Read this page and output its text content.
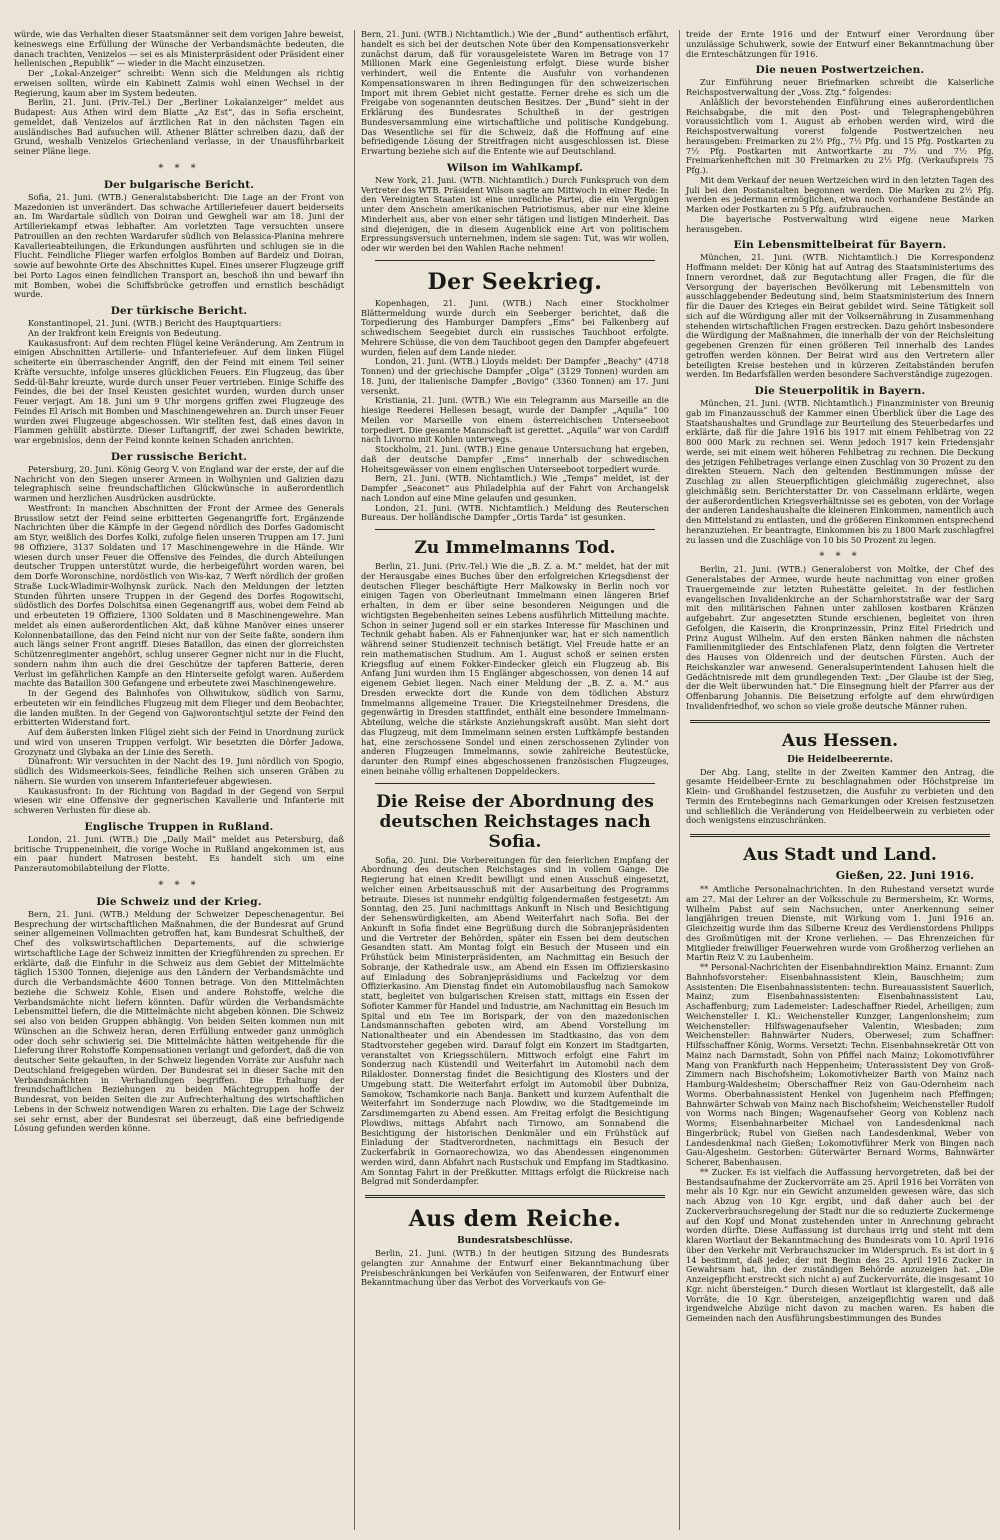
würde, wie das Verhalten dieser Staatsmänner seit dem vorigen Jahre beweist, keineswegs eine Erfüllung der Wünsche der Verbandsmächte bedeuten, die danach trachten, Venizelos — sei es als Ministerpräsident oder Präsident einer hellenischen „Republik“ — wieder in die Macht einzusetzen.

Der „Lokal-Anzeiger“ schreibt: Wenn sich die Meldungen als richtig erweisen sollten, würde ein Kabinett Zaimis wohl einen Wechsel in der Regierung, kaum aber im System bedeuten.

Berlin, 21. Juni. (Priv.-Tel.) Der „Berliner Lokalanzeiger“ meldet aus Budapest: Aus Athen wird dem Blatte „Az Est“, das in Sofia erscheint, gemeldet, daß Venizelos auf ärztlichen Rat in den nächsten Tagen ein ausländisches Bad aufsuchen will. Athener Blätter schreiben dazu, daß der Grund, weshalb Venizelos Griechenland verlasse, in der Unausführbarkeit seiner Pläne liege.

* * *
Der bulgarische Bericht.

Sofia, 21. Juni. (WTB.) Generalstabsbericht: Die Lage an der Front von Mazedonien ist unverändert. Das schwache Artilleriefeuer dauert beiderseits an. Im Wardartale südlich von Doiran und Gewgheli war am 18. Juni der Artilleriekampf etwas lebhafter. Am vorletzten Tage versuchten unsere Patrouillen an den rechten Wardarufer südlich von Belassica-Planina mehrere Kavallerieabteilungen, die Erkundungen ausführten und schlugen sie in die Flucht. Feindliche Flieger warfen erfolglos Bomben auf Bardeiz und Doiran, sowie auf bewohnte Orte des Abschnittes Kupel. Eines unserer Flugzeuge griff bei Porto Lagos einen feindlichen Transport an, beschoß ihn und bewarf ihn mit Bomben, wobei die Schiffsbrücke getroffen und ernstlich beschädigt wurde.

Der türkische Bericht.

Konstantinopel, 21. Juni. (WTB.) Bericht des Hauptquartiers:

An der Irakfront kein Ereignis von Bedeutung.

Kaukasusfront: Auf dem rechten Flügel keine Veränderung. Am Zentrum in einigen Abschnitten Artillerie- und Infanteriefeuer. Auf dem linken Flügel scheiterte ein überraschender Angriff, den der Feind mit einem Teil seiner Kräfte versuchte, infolge unseres glücklichen Feuers. Ein Flugzeug, das über Sedd-ül-Bahr kreuzte, wurde durch unser Feuer vertrieben. Einige Schiffe des Feindes, die bei der Insel Keusten gesichtet wurden, wurden durch unser Feuer verjagt. Am 18. Juni um 9 Uhr morgens griffen zwei Flugzeuge des Feindes El Arisch mit Bomben und Maschinengewehren an. Durch unser Feuer wurden zwei Flugzeuge abgeschossen. Wir stellten fest, daß eines davon in Flammen gehüllt abstürzte. Dieser Luftangriff, der zwei Schaden bewirkte, war ergebnislos, denn der Feind konnte keinen Schaden anrichten.

Der russische Bericht.

Petersburg, 20. Juni. König Georg V. von England war der erste, der auf die Nachricht von den Siegen unserer Armeen in Wolhynien und Galizien dazu telegraphisch seine freundschaftlichen Glückwünsche in außerordentlich warmen und herzlichen Ausdrücken ausdrückte.

Westfront: In manchen Abschnitten der Front der Armee des Generals Brussilow setzt der Feind seine erbitterten Gegenangriffe fort. Ergänzende Nachrichten über die Kämpfe in der Gegend nördlich des Dorfes Gadomischt am Styr, weißlich des Dorfes Kolki, zufolge fielen unseren Truppen am 17. Juni 98 Offiziere, 3137 Soldaten und 17 Maschinengewehre in die Hände. Wir wiesen durch unser Feuer die Offensive des Feindes, die durch Abteilungen deutscher Truppen unterstützt wurde, die herbeigeführt worden waren, bei dem Dorfe Woronschine, nordöstlich von Wis-kaz, 7 Werft nördlich der großen Straße Luck-Wladimir-Wolhynsk zurück. Nach den Meldungen der letzten Stunden führten unsere Truppen in der Gegend des Dorfes Rogowitschi, südöstlich des Dorfes Dolschitsa einen Gegenangriff aus, wobei dem Feind ab und erbeuteten 19 Offiziere, 1300 Soldaten und 8 Maschinengewehre. Man meldet als einen außerordentlichen Akt, daß kühne Manöver eines unserer Kolonnenbataillone, das den Feind nicht nur von der Seite faßte, sondern ihm auch längs seiner Front angriff. Dieses Bataillon, das einen der glorreichsten Schützenregimenter angehört, schlug unserer Gegner nicht nur in die Flucht, sondern nahm ihm auch die drei Geschütze der tapferen Batterie, deren Verlust im gefährlichen Kampfe an den Hinterseite gefolgt waren. Außerdem machte das Bataillon 300 Gefangene und erbeutete zwei Maschinengewehre.

In der Gegend des Bahnhofes von Olhwitukow, südlich von Sarnu, erbeuteten wir ein feindliches Flugzeug mit dem Flieger und dem Beobachter, die landen mußten. In der Gegend von Gajworontschtjul setzte der Feind den erbitterten Widerstand fort.

Auf dem äußersten linken Flügel zieht sich der Feind in Unordnung zurück und wird von unseren Truppen verfolgt. Wir besetzten die Dörfer Jadowa, Grozynatz und Glybaka an der Linie des Sereth.

Dünafront: Wir versuchten in der Nacht des 19. Juni nördlich von Spogio, südlich des Widsmeerkois-Sees, feindliche Reihen sich unseren Gräben zu nähern. Sie wurden von unserem Infanteriefeuer abgewiesen.

Kaukasusfront: In der Richtung von Bagdad in der Gegend von Serpul wiesen wir eine Offensive der gegnerischen Kavallerie und Infanterie mit schweren Verlusten für diese ab.

Englische Truppen in Rußland.

London, 21. Juni. (WTB.) Die „Daily Mail“ meldet aus Petersburg, daß britische Truppeneinheit, die vorige Woche in Rußland angekommen ist, aus ein paar hundert Matrosen besteht. Es handelt sich um eine Panzerautomobilabteilung der Flotte.

* * *
Die Schweiz und der Krieg.

Bern, 21. Juni. (WTB.) Meldung der Schweizer Depeschenagentur. Bei Besprechung der wirtschaftlichen Maßnahmen, die der Bundesrat auf Grund seiner allgemeinen Vollmachten getroffen hat, kam Bundesrat Schultheß, der Chef des volkswirtschaftlichen Departements, auf die schwierige wirtschaftliche Lage der Schweiz inmitten der Kriegführenden zu sprechen. Er erklärte, daß die Einfuhr in die Schweiz aus dem Gebiet der Mittelmächte täglich 15300 Tonnen, diejenige aus den Ländern der Verbandsmächte und durch die Verbandsmächte 4600 Tonnen betrage. Von den Mittelmächten beziehe die Schweiz Kohle, Eisen und andere Rohstoffe, welche die Verbandsmächte nicht liefern könnten. Dafür würden die Verbandsmächte Lebensmittel liefern, die die Mittelmächte nicht abgeben können. Die Schweiz sei also von beiden Gruppen abhängig. Von beiden Seiten kommen nun mit Wünschen an die Schweiz heran, deren Erfüllung entweder ganz unmöglich oder doch sehr schwierig sei. Die Mittelmächte hätten weitgehende für die Lieferung ihrer Rohstoffe Kompensationen verlangt und gefordert, daß die von deutscher Seite gekauften, in der Schweiz liegenden Vorräte zur Ausfuhr nach Deutschland freigegeben würden. Der Bundesrat sei in dieser Sache mit den Verbandsmächten in Verhandlungen begriffen. Die Erhaltung der freundschaftlichen Beziehungen zu beiden Mächtegruppen hoffe der Bundesrat, von beiden Seiten die zur Aufrechterhaltung des wirtschaftlichen Lebens in der Schweiz notwendigen Waren zu erhalten. Die Lage der Schweiz sei sehr ernst, aber der Bundesrat sei überzeugt, daß eine befriedigende Lösung gefunden werden könne.

Bern, 21. Juni. (WTB.) Nichtamtlich.) Wie der „Bund“ authentisch erfährt, handelt es sich bei der deutschen Note über den Kompensationsverkehr zunächst darum, daß für vorausgeleistete Waren im Betrage von 17 Millionen Mark eine Gegenleistung erfolgt. Diese wurde bisher verhindert, weil die Entente die Ausfuhr von vorhandenen Kompensationswaren in ihren Bedingungen für den schweizerischen Import mit ihrem Gebiet nicht gestatte. Ferner drehe es sich um die Freigabe von sogenannten deutschen Besitzes. Der „Bund“ sieht in der Erklärung des Bundesrates Schultheß in der gestrigen Bundesversammlung eine wirtschaftliche und politische Kundgebung. Das Wesentliche sei für die Schweiz, daß die Hoffnung auf eine befriedigende Lösung der Streitfragen nicht ausgeschlossen ist. Diese Erwartung beziehe sich auf die Entente wie auf Deutschland.

Wilson im Wahlkampf.

New York, 21. Juni. (WTB. Nichtamtlich.) Durch Funkspruch von dem Vertreter des WTB. Präsident Wilson sagte am Mittwoch in einer Rede: In den Vereinigten Staaten ist eine unredliche Partei, die ein Vergnügen unter dem Anschein amerikanischen Patriotismus, aber nur eine kleine Minderheit aus, aber von einer sehr tätigen und listigen Minderheit. Das sind diejenigen, die in diesem Augenblick eine Art von politischem Erpressungsversuch unternehmen, indem sie sagen: Tut, was wir wollen, oder wir werden bei den Wahlen Rache nehmen!

Der Seekrieg.

Kopenhagen, 21. Juni. (WTB.) Nach einer Stockholmer Blättermeldung wurde durch ein Seeberger berichtet, daß die Torpedierung des Hamburger Dampfers „Ems“ bei Falkenberg auf schwedischem Seegebiet durch ein russisches Tauchboot erfolgte. Mehrere Schüsse, die von dem Tauchboot gegen den Dampfer abgefeuert wurden, fielen auf dem Lande nieder.

London, 21. Juni. (WTB.) Lloyds meldet: Der Dampfer „Beachy“ (4718 Tonnen) und der griechische Dampfer „Olga“ (3129 Tonnen) wurden am 18. Juni, der italienische Dampfer „Bovigo“ (3360 Tonnen) am 17. Juni versenkt.

Kristiania, 21. Juni. (WTB.) Wie ein Telegramm aus Marseille an die hiesige Reederei Hellesen besagt, wurde der Dampfer „Aquila“ 100 Meilen vor Marseille von einem österreichischen Unterseeboot torpediert. Die gesamte Mannschaft ist gerettet. „Aquila“ war von Cardiff nach Livorno mit Kohlen unterwegs.

Stockholm, 21. Juni. (WTB.) Eine genaue Untersuchung hat ergeben, daß der deutsche Dampfer „Ems“ innerhalb der schwedischen Hoheitsgewässer von einem englischen Unterseeboot torpediert wurde.

Bern, 21. Juni. (WTB. Nichtamtlich.) Wie „Temps“ meldet, ist der Dampfer „Seaconet“ aus Philadelphia auf der Fahrt von Archangelsk nach London auf eine Mine gelaufen und gesunken.

London, 21. Juni. (WTB. Nichtamtlich.) Meldung des Reuterschen Bureaus. Der holländische Dampfer „Ortis Tarda“ ist gesunken.

Zu Immelmanns Tod.

Berlin, 21. Juni. (Priv.-Tel.) Wie die „B. Z. a. M.“ meldet, hat der mit der Herausgabe eines Buches über den erfolgreichen Kriegsdienst der deutschen Flieger beschäftigte Herr Malkowsky in Berlin noch vor einigen Tagen von Oberleutnant Immelmann einen längeren Brief erhalten, in dem er über seine besonderen Neigungen und die wichtigsten Begebenheiten seines Lebens ausführlich Mitteilung machte. Schon in seiner Jugend soll er ein starkes Interesse für Maschinen und Technik gehabt haben. Als er Fahnenjunker war, hat er sich namentlich während seiner Studienzeit technisch betätigt. Viel Freude hatte er an rein mathematischen Studium. Am 1. August schoß er seinen ersten Kriegsflug auf einem Fokker-Eindecker gleich ein Flugzeug ab. Bis Anfang Juni wurden ihm 15 Englänger abgeschossen, von denen 14 auf eigenem Gebiet liegen. Nach einer Meldung der „B. Z. a. M.“ aus Dresden erweckte dort die Kunde von dem tödlichen Absturz Immelmanns allgemeine Trauer. Die Kriegsteilnehmer Dresdens, die gegenwärtig in Dresden stattfindet, enthält eine besondere Immelmann-Abteilung, welche die stärkste Anziehungskraft ausübt. Man sieht dort das Flugzeug, mit dem Immelmann seinen ersten Luftkämpfe bestanden hat, eine zerschossene Sondel und einen zerschossenen Zylinder von anderen Flugzeugen Immelmanns, sowie zahlreiche Beutestücke, darunter den Rumpf eines abgeschossenen französischen Flugzeuges, einen beinahe völlig erhaltenen Doppeldeckers.

Die Reise der Abordnung des deutschen Reichstages nach Sofia.

Sofia, 20. Juni. Die Vorbereitungen für den feierlichen Empfang der Abordnung des deutschen Reichstages sind in vollem Gange. Die Regierung hat einen Kredit bewilligt und einen Ausschuß eingesetzt, welcher einen Arbeitsausschuß mit der Ausarbeitung des Programms betraute. Dieses ist nunmehr endgültig folgendermaßen festgesetzt: Am Sonntag, den 25. Juni nachmittags Ankunft in Nisch und Besichtigung der Sehenswürdigkeiten, am Abend Weiterfahrt nach Sofia. Bei der Ankunft in Sofia findet eine Begrüßung durch die Sobranjepräsidenten und die Vertreter der Behörden, später ein Essen bei dem deutschen Gesandten statt. Am Montag folgt ein Besuch der Museen und ein Frühstück beim Ministerpräsidenten, am Nachmittag ein Besuch der Sobranje, der Kathedrale usw., am Abend ein Essen im Offizierskasino auf Einladung des Sobranjepräsidiums und Fackelzug vor dem Offizierkasino. Am Dienstag findet ein Automobilausflug nach Samokow statt, begleitet von bulgarischen Kreisen statt, mittags ein Essen der Sofioter Kammer für Handel und Industrie, am Nachmittag ein Besuch im Spital und ein Tee im Borispark, der von den mazedonischen Landsmannschaften geboten wird, am Abend Vorstellung im Nationaltheater und ein Abendessen im Stadtkasino, das von dem Stadtvorsteher gegeben wird. Darauf folgt ein Konzert im Stadtgarten, veranstaltet von Kriegsschülern. Mittwoch erfolgt eine Fahrt im Sonderzug nach Küstendil und Weiterfahrt im Automobil nach dem Rilakloster. Donnerstag findet die Besichtigung des Klosters und der Umgebung statt. Die Weiterfahrt erfolgt im Automobil über Dubniza, Samokow, Tschamkorie nach Banja. Bankett und kurzem Aufenthalt die Weiterfahrt im Sonderzuge nach Plowdiw, wo die Stadtgemeinde im Zarsdimemgarten zu Abend essen. Am Freitag erfolgt die Besichtigung Plowdiws, mittags Abfahrt nach Tirnowo, am Sonnabend die Besichtigung der historischen Denkmäler und ein Frühstück auf Einladung der Stadtverordneten, nachmittags ein Besuch der Zuckerfabrik in Gornaorechowiza, wo das Abendessen eingenommen werden wird, dann Abfahrt nach Rustschuk und Empfang im Stadtkasino. Am Sonntag Fahrt in der Preßkutter. Mittags erfolgt die Rückreise nach Belgrad mit Sonderdampfer.

Aus dem Reiche.
Bundesratsbeschlüsse.

Berlin, 21. Juni. (WTB.) In der heutigen Sitzung des Bundesrats gelangten zur Annahme der Entwurf einer Bekanntmachung über Preisbeschränkungen bei Verkäufen von Seifenwaren, der Entwurf einer Bekanntmachung über das Verbot des Vorverkaufs von Ge-

treide der Ernte 1916 und der Entwurf einer Verordnung über unzulässige Schuhwerk, sowie der Entwurf einer Bekanntmachung über die Ernteschätzungen für 1916.

Die neuen Postwertzeichen.

Zur Einführung neuer Briefmarken schreibt die Kaiserliche Reichspostverwaltung der „Voss. Ztg.“ folgendes:

Anläßlich der bevorstehenden Einführung eines außerordentlichen Reichsabgabe, die mit den Post- und Telegraphengebühren voraussichtlich vom 1. August ab erhoben werden wird, wird die Reichspostverwaltung vorerst folgende Postwertzeichen neu herausgeben: Freimarken zu 2½ Pfg., 7½ Pfg. und 15 Pfg. Postkarten zu 7½ Pfg. Postkarten mit Antwortkarte zu 7½ und 7½ Pfg. Freimarkenheftchen mit 30 Freimarken zu 2½ Pfg. (Verkaufspreis 75 Pfg.).

Mit dem Verkauf der neuen Wertzeichen wird in den letzten Tagen des Juli bei den Postanstalten begonnen werden. Die Marken zu 2½ Pfg. werden es jedermann ermöglichen, etwa noch vorhandene Bestände an Marken oder Postkarten zu 5 Pfg. aufzubrauchen.

Die bayerische Postverwaltung wird eigene neue Marken herausgeben.

Ein Lebensmittelbeirat für Bayern.

München, 21. Juni. (WTB. Nichtamtlich.) Die Korrespondenz Hoffmann meldet: Der König hat auf Antrag des Staatsministeriums des Innern verordnet, daß zur Begutachtung aller Fragen, die für die Versorgung der bayerischen Bevölkerung mit Lebensmitteln von ausschlaggebender Bedeutung sind, beim Staatsministerium des Innern für die Dauer des Krieges ein Beirat gebildet wird. Seine Tätigkeit soll sich auf die Würdigung aller mit der Volksernährung in Zusammenhang stehenden wirtschaftlichen Fragen erstrecken. Dazu gehört insbesondere die Würdigung der Maßnahmen, die innerhalb der von der Reichsleitung gegebenen Grenzen für einen größeren Teil innerhalb des Landes getroffen werden können. Der Beirat wird aus den Vertretern aller beteiligten Kreise bestehen und in kürzeren Zeitabständen berufen werden. Im Bedarfsfällen werden besondere Sachverständige zugezogen.

Die Steuerpolitik in Bayern.

München, 21. Juni. (WTB. Nichtamtlich.) Finanzminister von Breunig gab im Finanzausschuß der Kammer einen Überblick über die Lage des Staatshaushaltes und Grundlage zur Beurteilung des Steuerbedarfes und erklärte, daß für die Jahre 1916 bis 1917 mit einem Fehlbetrag von 22 800 000 Mark zu rechnen sei. Wenn jedoch 1917 kein Friedensjahr werde, sei mit einem weit höheren Fehlbetrag zu rechnen. Die Deckung des jetzigen Fehlbetrages verlange einen Zuschlag von 30 Prozent zu den direkten Steuern. Nach den geltenden Bestimmungen müsse der Zuschlag zu allen Steuerpflichtigen gleichmäßig zugerechnet, also gleichmäßig sein. Berichterstatter Dr. von Casselmann erklärte, wegen der außerordentlichen Kriegsverhältnisse sei es geboten, von der Vorlage der anderen Landeshaushalte die kleineren Einkommen, namentlich auch den Mittelstand zu entlasten, und die größeren Einkommen entsprechend heranzuziehen. Er beantragte, Einkommen bis zu 1800 Mark zuschlagfrei zu lassen und die Zuschläge von 10 bis 50 Prozent zu legen.

* * *

Berlin, 21. Juni. (WTB.) Generaloberst von Moltke, der Chef des Generalstabes der Armee, wurde heute nachmittag von einer großen Trauergemeinde zur letzten Ruhestätte geleitet. In der festlichen evangelischen Invalidenkirche an der Scharnhorststraße war der Sarg mit den militärischen Fahnen unter zahllosen kostbaren Kränzen aufgebahrt. Zur angesetzten Stunde erschienen, begleitet von ihren Gefolgen, die Kaiserin, die Kronprinzessin, Prinz Eitel Friedrich und Prinz August Wilhelm. Auf den ersten Bänken nahmen die nächsten Familienmitglieder des Entschlafenen Platz, denn folgten die Vertreter des Hauses von Oldenreich und der deutschen Fürsten. Auch der Reichskanzler war anwesend. Generalsuperintendent Lahusen hielt die Gedächtnisrede mit dem grundlegenden Text: „Der Glaube ist der Sieg, der die Welt überwunden hat.“ Die Einsegnung hielt der Pfarrer aus der Offenbarung Johannis. Die Beisetzung erfolgte auf dem ehrwürdigen Invalidenfriedhof, wo schon so viele große deutsche Männer ruhen.

Aus Hessen.
Die Heidelbeerernte.

Der Abg. Lang, stellte in der Zweiten Kammer den Antrag, die gesamte Heidelbeer-Ernte zu beschlagnahmen oder Höchstpreise im Klein- und Großhandel festzusetzen, die Ausfuhr zu verbieten und den Termin des Erntebeginns nach Gemarkungen oder Kreisen festzusetzen und schließlich die Veränderung von Heidelbeerwein zu verbieten oder doch wenigstens einzuschränken.

Aus Stadt und Land.
Gießen, 22. Juni 1916.

** Amtliche Personalnachrichten. In den Ruhestand versetzt wurde am 27. Mai der Lehrer an der Volksschule zu Bermersheim, Kr. Worms, Wilhelm Pabst auf sein Nachsuchen, unter Anerkennung seiner langjährigen treuen Dienste, mit Wirkung vom 1. Juni 1916 an. Gleichzeitig wurde ihm das Silberne Kreuz des Verdienstordens Philipps des Großmütigen mit der Krone verliehen. — Das Ehrenzeichen für Mitglieder freiwilliger Feuerwehren wurde vom Großherzog verliehen an Martin Reiz V. zu Laubenheim.

** Personal-Nachrichten der Eisenbahndirektion Mainz. Ernannt: Zum Bahnhofsvorsteher: Eisenbahnassistent Klein, Bauschheim; zum Assistenten: Die Eisenbahnassistenten: techn. Bureauassistent Sauerlich, Mainz; zum Eisenbahnassistenten: Eisenbahnassistent Lau, Aschaffenburg; zum Lademeister: Ladeschaffner Riedel, Arheiligen; zum Weichensteller I. Kl.: Weichensteller Kunzger, Langenlonsheim; zum Weichensteller: Hilfswagenaufseher Valentin, Wiesbaden; zum Weichensteller: Bahnwärter Nuders, Oberwesel; zum Schaffner: Hilfsschaffner König, Worms. Versetzt: Techn. Eisenbahnsekretär Ott von Mainz nach Darmstadt, Sohn von Pfiffel nach Mainz; Lokomotivführer Mang von Frankfurth nach Heppenheim; Unterassistent Dey von Groß-Zimmern nach Bischofsheim; Lokomotivheizer Barth von Mainz nach Hamburg-Waldesheim; Oberschaffner Reiz von Gau-Odernheim nach Worms. Oberbahnassistent Henkel von Jugenheim nach Pfeffingen; Bahnwärter Schwab von Mainz nach Bischofsheim; Weichensteller Rudolf von Worms nach Bingen; Wagenaufseher Georg von Koblenz nach Worms; Eisenbahnarbeiter Michael von Landesdenkmal nach Bingerbrück; Rubel von Gießen nach Landesdenkmal, Weber von Landesdenkmal nach Gießen; Lokomotivführer Merk von Bingen nach Gau-Algesheim. Gestorben: Güterwärter Bernard Worms, Bahnwärter Scherer, Babenhausen.

** Zucker. Es ist vielfach die Auffassung hervorgetreten, daß bei der Bestandsaufnahme der Zuckervorräte am 25. April 1916 bei Vorräten von mehr als 10 Kgr. nur ein Gewicht anzumelden gewesen wäre, das sich nach Abzug von 10 Kgr. ergibt, und daß daher auch bei der Zuckerverbrauchsregelung der Stadt nur die so reduzierte Zuckermenge auf den Kopf und Monat zustehenden unter in Anrechnung gebracht worden dürfte. Diese Auffassung ist durchaus irrig und steht mit dem klaren Wortlaut der Bekanntmachung des Bundesrats vom 10. April 1916 über den Verkehr mit Verbrauchszucker im Widerspruch. Es ist dort in § 14 bestimmt, daß jeder, der mit Beginn des 25. April 1916 Zucker in Gewahrsam hat, ihn der zuständigen Behörde anzuzeigen hat. „Die Anzeigepflicht erstreckt sich nicht a) auf Zuckervorräte, die insgesamt 10 Kgr. nicht übersteigen.“ Durch diesen Wortlaut ist klargestellt, daß alle Vorräte, die 10 Kgr. übersteigen, anzeigepflichtig waren und daß irgendwelche Abzüge nicht davon zu machen waren. Es haben die Gemeinden nach den Ausführungsbestimmungen des Bundes
